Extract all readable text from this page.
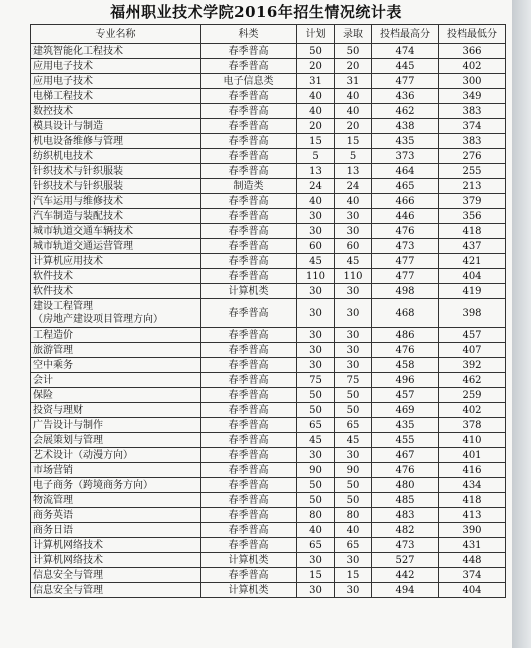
福州职业技术学院2016年招生情况统计表
专业名称	科类	计划	录取	投档最高分	投档最低分
建筑智能化工程技术	春季普高	50	50	474	366
应用电子技术	春季普高	20	20	445	402
应用电子技术	电子信息类	31	31	477	300
电梯工程技术	春季普高	40	40	436	349
数控技术	春季普高	40	40	462	383
模具设计与制造	春季普高	20	20	438	374
机电设备维修与管理	春季普高	15	15	435	383
纺织机电技术	春季普高	5	5	373	276
针织技术与针织服装	春季普高	13	13	464	255
针织技术与针织服装	制造类	24	24	465	213
汽车运用与维修技术	春季普高	40	40	466	379
汽车制造与装配技术	春季普高	30	30	446	356
城市轨道交通车辆技术	春季普高	30	30	476	418
城市轨道交通运营管理	春季普高	60	60	473	437
计算机应用技术	春季普高	45	45	477	421
软件技术	春季普高	110	110	477	404
软件技术	计算机类	30	30	498	419
建设工程管理
（房地产建设项目管理方向）	春季普高	30	30	468	398
工程造价	春季普高	30	30	486	457
旅游管理	春季普高	30	30	476	407
空中乘务	春季普高	30	30	458	392
会计	春季普高	75	75	496	462
保险	春季普高	50	50	457	259
投资与理财	春季普高	50	50	469	402
广告设计与制作	春季普高	65	65	435	378
会展策划与管理	春季普高	45	45	455	410
艺术设计（动漫方向）	春季普高	30	30	467	401
市场营销	春季普高	90	90	476	416
电子商务（跨境商务方向）	春季普高	50	50	480	434
物流管理	春季普高	50	50	485	418
商务英语	春季普高	80	80	483	413
商务日语	春季普高	40	40	482	390
计算机网络技术	春季普高	65	65	473	431
计算机网络技术	计算机类	30	30	527	448
信息安全与管理	春季普高	15	15	442	374
信息安全与管理	计算机类	30	30	494	404
